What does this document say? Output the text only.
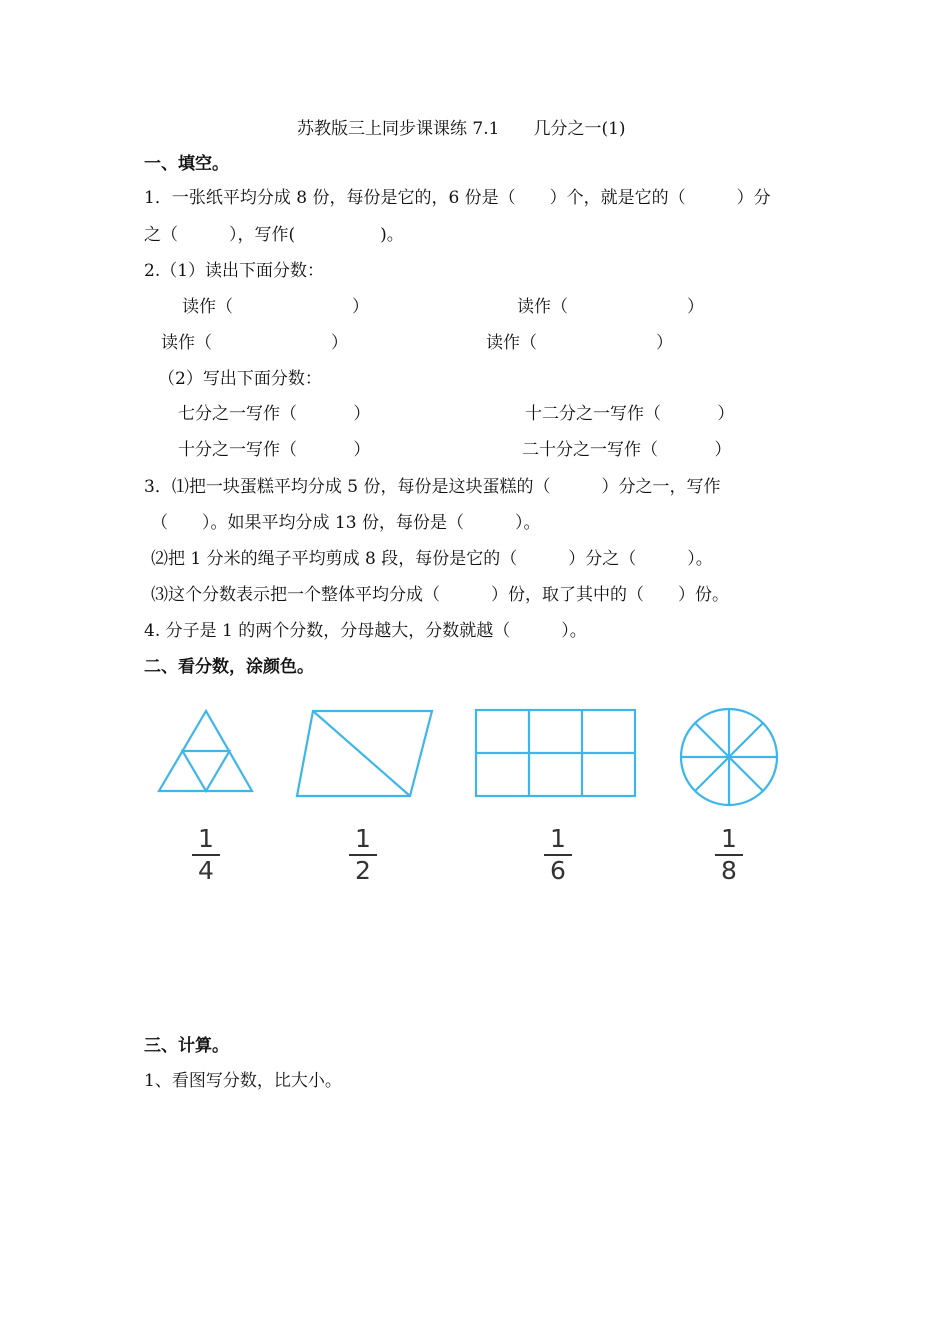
苏教版三上同步课课练 7.1　　几分之一(1)
一、填空。
1．一张纸平均分成 8 份，每份是它的，6 份是（　　）个，就是它的（　　　）分
之（　　　），写作(　　　　　)。
2.（1）读出下面分数：
读作（　　　　　　　）	读作（　　　　　　　）
读作（　　　　　　　）	读作（　　　　　　　）
（2）写出下面分数：
七分之一写作（　　　 ）	十二分之一写作（　　　 ）
十分之一写作（　　　 ）	二十分之一写作（　　　 ）
3．⑴把一块蛋糕平均分成 5 份，每份是这块蛋糕的（　　　）分之一，写作
（　　）。如果平均分成 13 份，每份是（　　　）。
⑵把 1 分米的绳子平均剪成 8 段，每份是它的（　　　）分之（　　　）。
⑶这个分数表示把一个整体平均分成（　　　）份，取了其中的（　　）份。
4. 分子是 1 的两个分数，分母越大，分数就越（　　　）。
二、看分数，涂颜色。
1
4
1
2
1
6
1
8
三、计算。
1、看图写分数，比大小。
